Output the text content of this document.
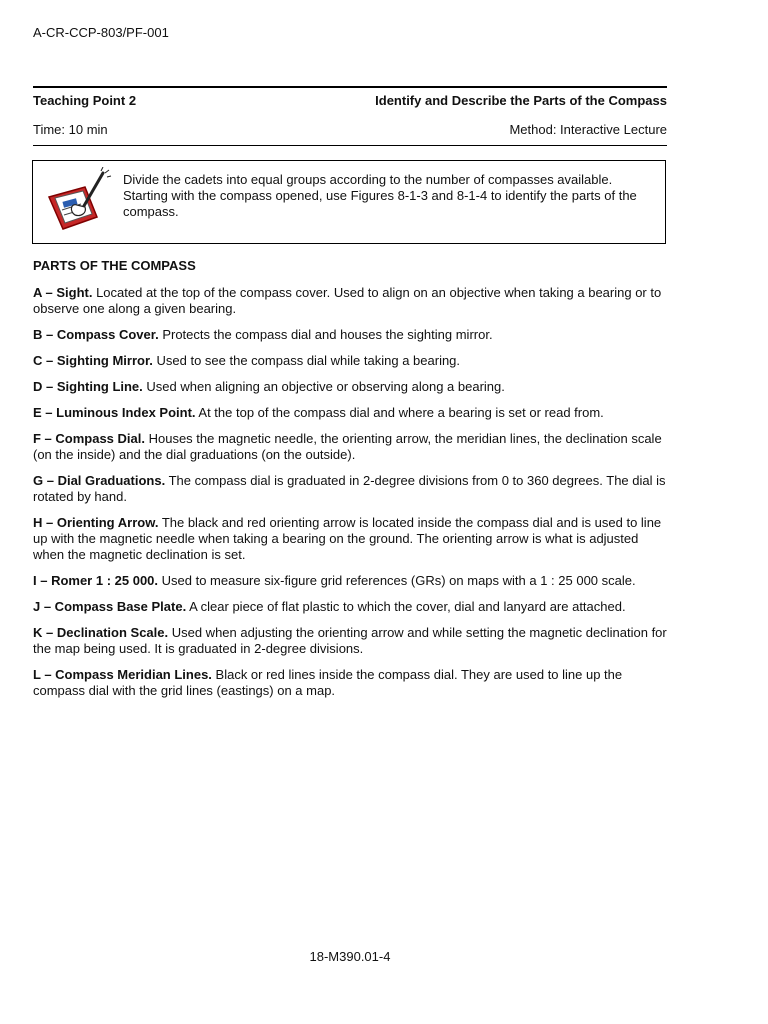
A-CR-CCP-803/PF-001
Teaching Point 2	Identify and Describe the Parts of the Compass
Time: 10 min	Method: Interactive Lecture
Divide the cadets into equal groups according to the number of compasses available. Starting with the compass opened, use Figures 8-1-3 and 8-1-4 to identify the parts of the compass.
PARTS OF THE COMPASS

A – Sight. Located at the top of the compass cover. Used to align on an objective when taking a bearing or to observe one along a given bearing.

B – Compass Cover. Protects the compass dial and houses the sighting mirror.

C – Sighting Mirror. Used to see the compass dial while taking a bearing.

D – Sighting Line. Used when aligning an objective or observing along a bearing.

E – Luminous Index Point. At the top of the compass dial and where a bearing is set or read from.

F – Compass Dial. Houses the magnetic needle, the orienting arrow, the meridian lines, the declination scale (on the inside) and the dial graduations (on the outside).

G – Dial Graduations. The compass dial is graduated in 2-degree divisions from 0 to 360 degrees. The dial is rotated by hand.

H – Orienting Arrow. The black and red orienting arrow is located inside the compass dial and is used to line up with the magnetic needle when taking a bearing on the ground. The orienting arrow is what is adjusted when the magnetic declination is set.

I – Romer 1 : 25 000. Used to measure six-figure grid references (GRs) on maps with a 1 : 25 000 scale.

J – Compass Base Plate. A clear piece of flat plastic to which the cover, dial and lanyard are attached.

K – Declination Scale. Used when adjusting the orienting arrow and while setting the magnetic declination for the map being used. It is graduated in 2-degree divisions.

L – Compass Meridian Lines. Black or red lines inside the compass dial. They are used to line up the compass dial with the grid lines (eastings) on a map.

18-M390.01-4
